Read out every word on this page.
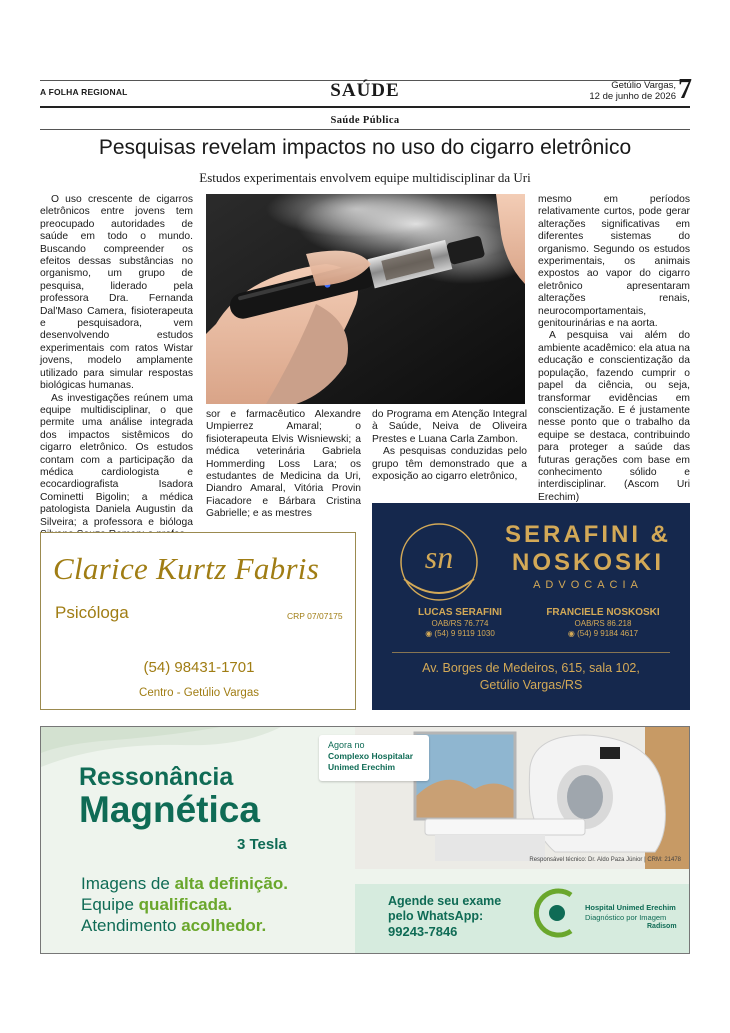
A FOLHA REGIONAL	SAÚDE	Getúlio Vargas,
12 de junho de 2026 7
Saúde Pública
Pesquisas revelam impactos no uso do cigarro eletrônico
Estudos experimentais envolvem equipe multidisciplinar da Uri

O uso crescente de cigarros eletrônicos entre jovens tem preocupado autoridades de saúde em todo o mundo. Buscando compreender os efeitos dessas substâncias no organismo, um grupo de pesquisa, liderado pela professora Dra. Fernanda Dal'Maso Camera, fisioterapeuta e pesquisadora, vem desenvolvendo estudos experimentais com ratos Wistar jovens, modelo amplamente utilizado para simular respostas biológicas humanas.

As investigações reúnem uma equipe multidisciplinar, o que permite uma análise integrada dos impactos sistêmicos do cigarro eletrônico. Os estudos contam com a participação da médica cardiologista e ecocardiografista Isadora Cominetti Bigolin; a médica patologista Daniela Augustin da Silveira; a professora e bióloga

sor e farmacêutico Alexandre Umpierrez Amaral; o fisioterapeuta Elvis Wisniewski; a médica veterinária Gabriela Hommerding Loss Lara; os estudantes de Medicina da Uri, Diandro Amaral, Vitória Provin Fiacadore e Bárbara Cristina Gabrielle; e as mestres

do Programa em Atenção Integral à Saúde, Neiva de Oliveira Prestes e Luana Carla Zambon.

As pesquisas conduzidas pelo grupo têm demonstrado que a exposição ao cigarro eletrônico,

mesmo em períodos relativamente curtos, pode gerar alterações significativas em diferentes sistemas do organismo. Segundo os estudos experimentais, os animais expostos ao vapor do cigarro eletrônico apresentaram alterações renais, neurocomportamentais, genitourinárias e na aorta.

A pesquisa vai além do ambiente acadêmico: ela atua na educação e conscientização da população, fazendo cumprir o papel da ciência, ou seja, transformar evidências em conscientização. E é justamente nesse ponto que o trabalho da equipe se destaca, contribuindo para proteger a saúde das futuras gerações com base em conhecimento sólido e interdisciplinar. (Ascom Uri Erechim)

Clarice Kurtz Fabris
Psicóloga	CRP 07/07175
(54) 98431-1701
Centro - Getúlio Vargas
sn
SERAFINI &
NOSKOSKI
ADVOCACIA
LUCAS SERAFINI
OAB/RS 76.774
◉ (54) 9 9119 1030
FRANCIELE NOSKOSKI
OAB/RS 86.218
◉ (54) 9 9184 4617
Av. Borges de Medeiros, 615, sala 102,
Getúlio Vargas/RS
Ressonância
Magnética
3 Tesla
Imagens de alta definição.
Equipe qualificada.
Atendimento acolhedor.
Agora no
Complexo Hospitalar
Unimed Erechim
Responsável técnico: Dr. Aldo Paza Júnior | CRM: 21478
Agende seu exame
pelo WhatsApp:
99243-7846
Hospital Unimed Erechim
Diagnóstico por Imagem
Radisom
